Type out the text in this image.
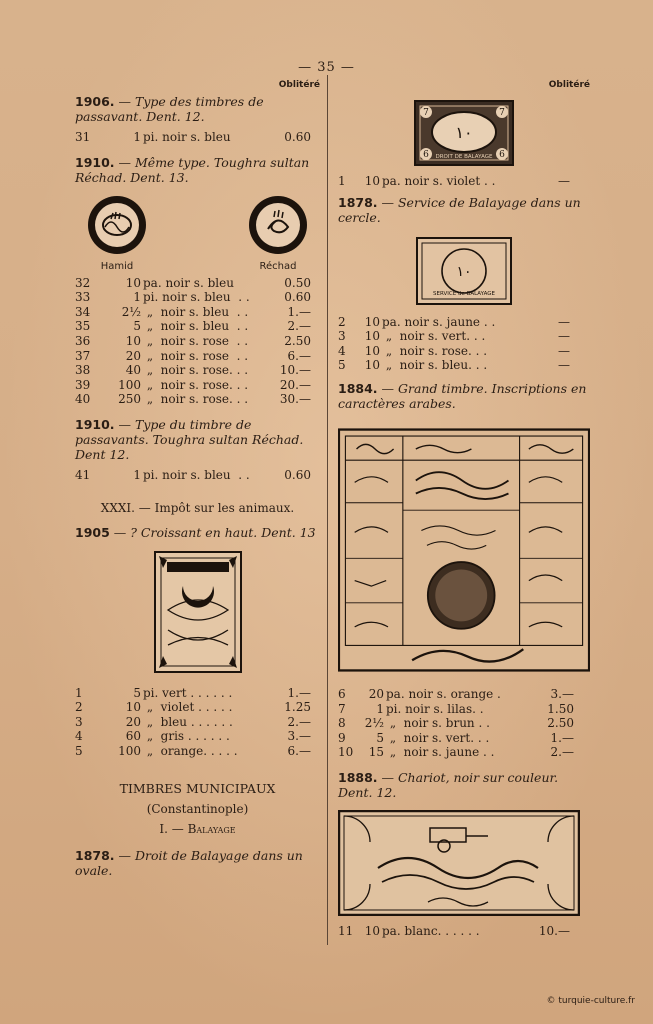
— 35 —
Oblitéré
1906. — Type des timbres de passavant. Dent. 12.
31	1	pi. noir s. bleu	0.60
1910. — Même type. Toughra sultan Réchad. Dent. 13.
Hamid	Réchad
32	10	pa. noir s. bleu	0.50
33	1	pi. noir s. bleu  . .	0.60
34	2½	„  noir s. bleu  . .	1.—
35	5	„  noir s. bleu  . .	2.—
36	10	„  noir s. rose  . .	2.50
37	20	„  noir s. rose  . .	6.—
38	40	„  noir s. rose. . .	10.—
39	100	„  noir s. rose. . .	20.—
40	250	„  noir s. rose. . .	30.—
1910. — Type du timbre de passavants. Toughra sultan Réchad. Dent 12.
41	1	pi. noir s. bleu  . .	0.60
XXXI. — Impôt sur les animaux.
1905 — ? Croissant en haut. Dent. 13
1	5	pi. vert . . . . . .	1.—
2	10	„  violet . . . . .	1.25
3	20	„  bleu . . . . . .	2.—
4	60	„  gris . . . . . .	3.—
5	100	„  orange. . . . .	6.—
TIMBRES MUNICIPAUX
(Constantinople)
I. — Balayage
1878. — Droit de Balayage dans un ovale.
Oblitéré
١٠
7	7
6	6
DROIT DE BALAYAGE
1	10	pa. noir s. violet . .	—
1878. — Service de Balayage dans un cercle.
١٠
SERVICE de BALAYAGE
2	10	pa. noir s. jaune . .	—
3	10	„  noir s. vert. . .	—
4	10	„  noir s. rose. . .	—
5	10	„  noir s. bleu. . .	—
1884. — Grand timbre. Inscriptions en caractères arabes.
6	20	pa. noir s. orange .	3.—
7	1	pi. noir s. lilas. .	1.50
8	2½	„  noir s. brun . .	2.50
9	5	„  noir s. vert. . .	1.—
10	15	„  noir s. jaune . .	2.—
1888. — Chariot, noir sur couleur. Dent. 12.
11	10	pa. blanc. . . . . .	10.—
© turquie-culture.fr
